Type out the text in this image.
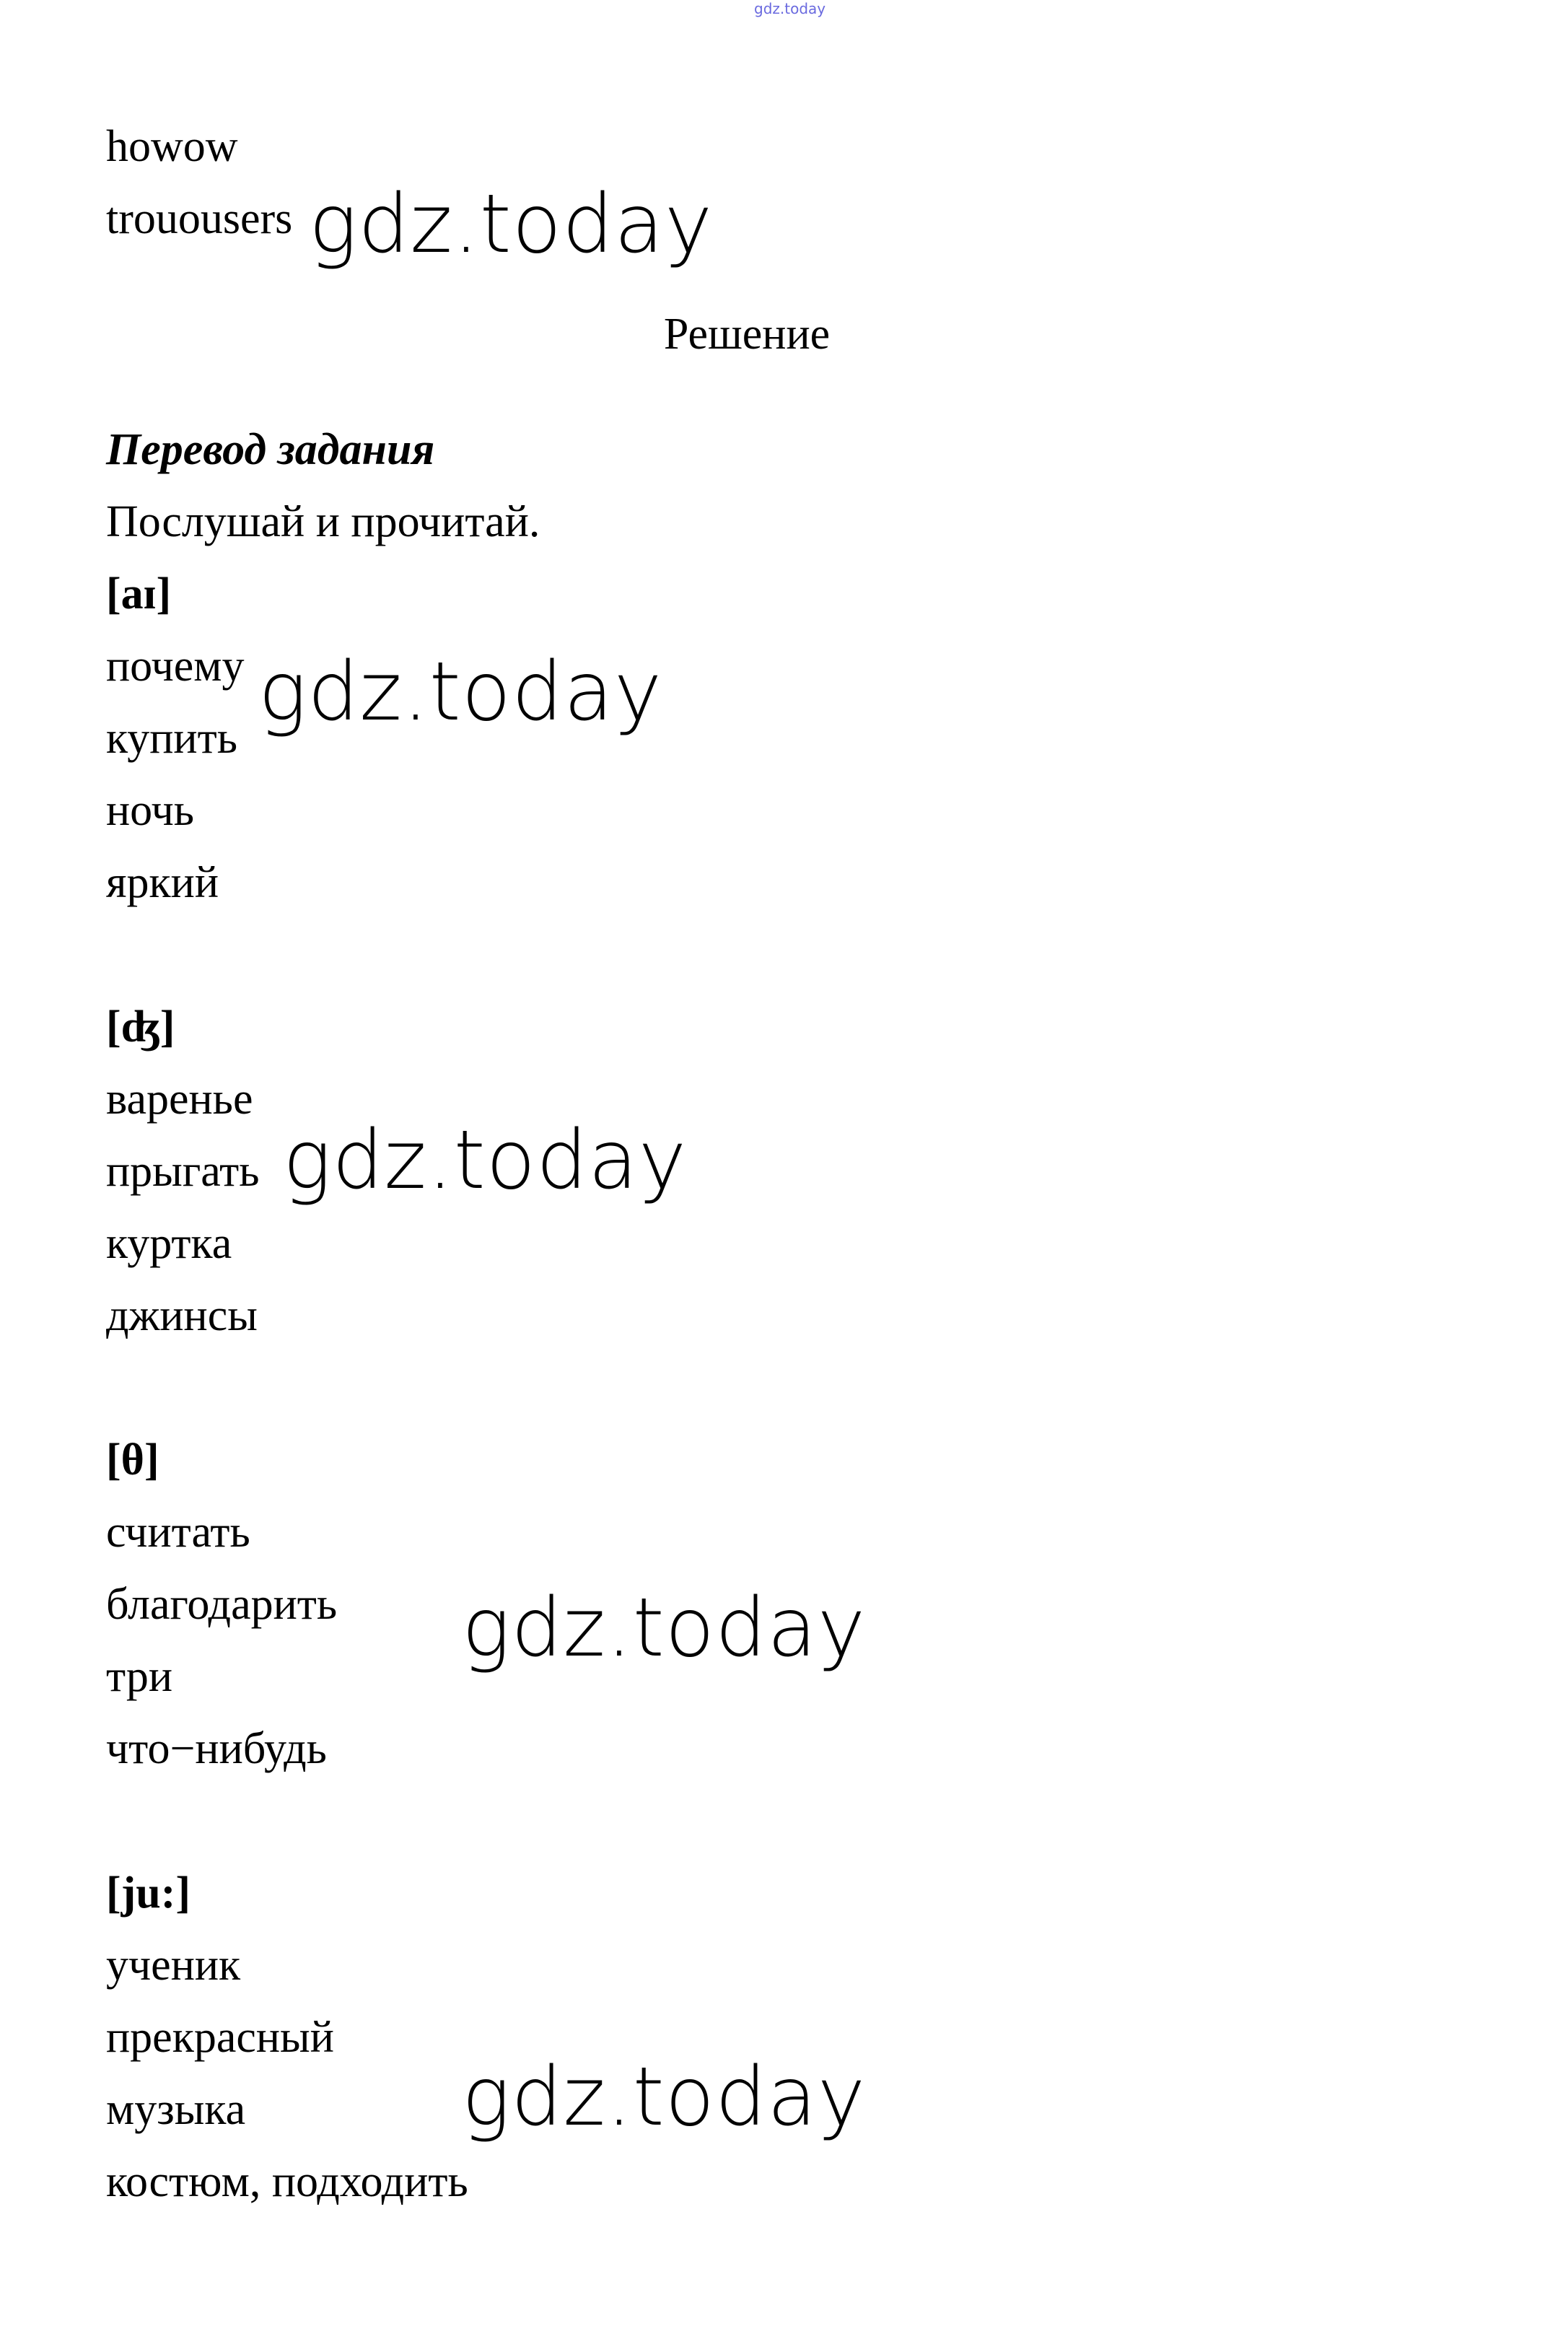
gdz.today
howow
trouousers
Решение
Перевод задания
Послушай и прочитай.
[aɪ]
почему
купить
ночь
яркий
[ʤ]
варенье
прыгать
куртка
джинсы
[θ]
считать
благодарить
три
что−нибудь
[ju:]
ученик
прекрасный
музыка
костюм, подходить
gdz.today
gdz.today
gdz.today
gdz.today
gdz.today
